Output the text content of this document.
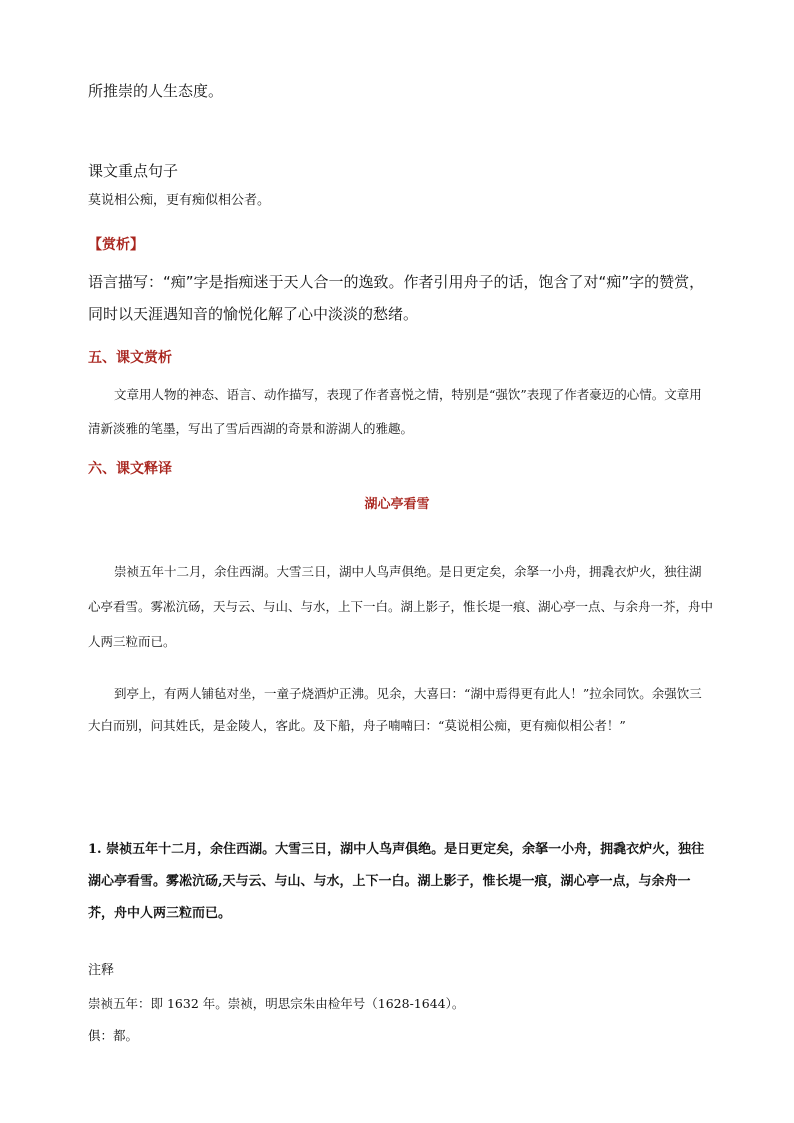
所推崇的人生态度。

课文重点句子

莫说相公痴，更有痴似相公者。

【赏析】

语言描写：“痴”字是指痴迷于天人合一的逸致。作者引用舟子的话，饱含了对“痴”字的赞赏，同时以天涯遇知音的愉悦化解了心中淡淡的愁绪。

五、课文赏析

文章用人物的神态、语言、动作描写，表现了作者喜悦之情，特别是“强饮”表现了作者豪迈的心情。文章用清新淡雅的笔墨，写出了雪后西湖的奇景和游湖人的雅趣。

六、课文释译

湖心亭看雪

崇祯五年十二月，余住西湖。大雪三日，湖中人鸟声俱绝。是日更定矣，余拏一小舟，拥毳衣炉火，独往湖心亭看雪。雾凇沆砀，天与云、与山、与水，上下一白。湖上影子，惟长堤一痕、湖心亭一点、与余舟一芥，舟中人两三粒而已。

到亭上，有两人铺毡对坐，一童子烧酒炉正沸。见余，大喜曰：“湖中焉得更有此人！”拉余同饮。余强饮三大白而别，问其姓氏，是金陵人，客此。及下船，舟子喃喃曰：“莫说相公痴，更有痴似相公者！”

1. 崇祯五年十二月，余住西湖。大雪三日，湖中人鸟声俱绝。是日更定矣，余拏一小舟，拥毳衣炉火，独往湖心亭看雪。雾凇沆砀,天与云、与山、与水，上下一白。湖上影子，惟长堤一痕，湖心亭一点，与余舟一芥，舟中人两三粒而已。

注释

崇祯五年：即 1632 年。崇祯，明思宗朱由检年号（1628-1644）。

俱：都。
